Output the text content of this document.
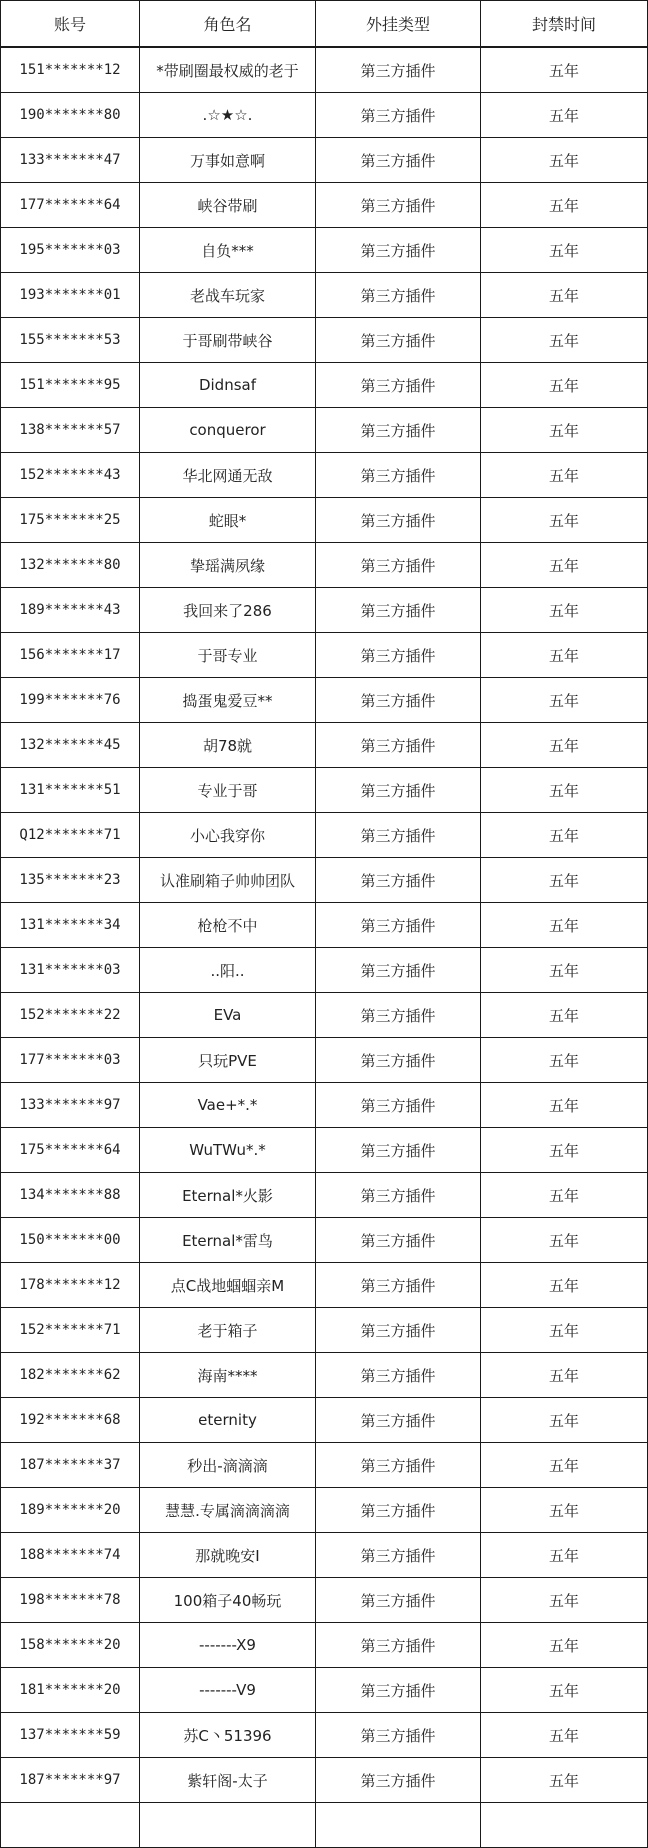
账号	角色名	外挂类型	封禁时间
151*******12	*带刷圈最权威的老于	第三方插件	五年
190*******80	.☆★☆.	第三方插件	五年
133*******47	万事如意啊	第三方插件	五年
177*******64	峡谷带刷	第三方插件	五年
195*******03	自负***	第三方插件	五年
193*******01	老战车玩家	第三方插件	五年
155*******53	于哥刷带峡谷	第三方插件	五年
151*******95	Didnsaf	第三方插件	五年
138*******57	conqueror	第三方插件	五年
152*******43	华北网通无敌	第三方插件	五年
175*******25	蛇眼*	第三方插件	五年
132*******80	挚瑶满夙缘	第三方插件	五年
189*******43	我回来了286	第三方插件	五年
156*******17	于哥专业	第三方插件	五年
199*******76	捣蛋鬼爱豆**	第三方插件	五年
132*******45	胡78就	第三方插件	五年
131*******51	专业于哥	第三方插件	五年
Q12*******71	小心我穿你	第三方插件	五年
135*******23	认准刷箱子帅帅团队	第三方插件	五年
131*******34	枪枪不中	第三方插件	五年
131*******03	..阳..	第三方插件	五年
152*******22	EVa	第三方插件	五年
177*******03	只玩PVE	第三方插件	五年
133*******97	Vae+*.*	第三方插件	五年
175*******64	WuTWu*.*	第三方插件	五年
134*******88	Eternal*火影	第三方插件	五年
150*******00	Eternal*雷鸟	第三方插件	五年
178*******12	点C战地蝈蝈亲M	第三方插件	五年
152*******71	老于箱子	第三方插件	五年
182*******62	海南****	第三方插件	五年
192*******68	eternity	第三方插件	五年
187*******37	秒出-滴滴滴	第三方插件	五年
189*******20	慧慧.专属滴滴滴滴	第三方插件	五年
188*******74	那就晚安I	第三方插件	五年
198*******78	100箱子40畅玩	第三方插件	五年
158*******20	-------X9	第三方插件	五年
181*******20	-------V9	第三方插件	五年
137*******59	苏C丶51396	第三方插件	五年
187*******97	紫轩阁-太子	第三方插件	五年
